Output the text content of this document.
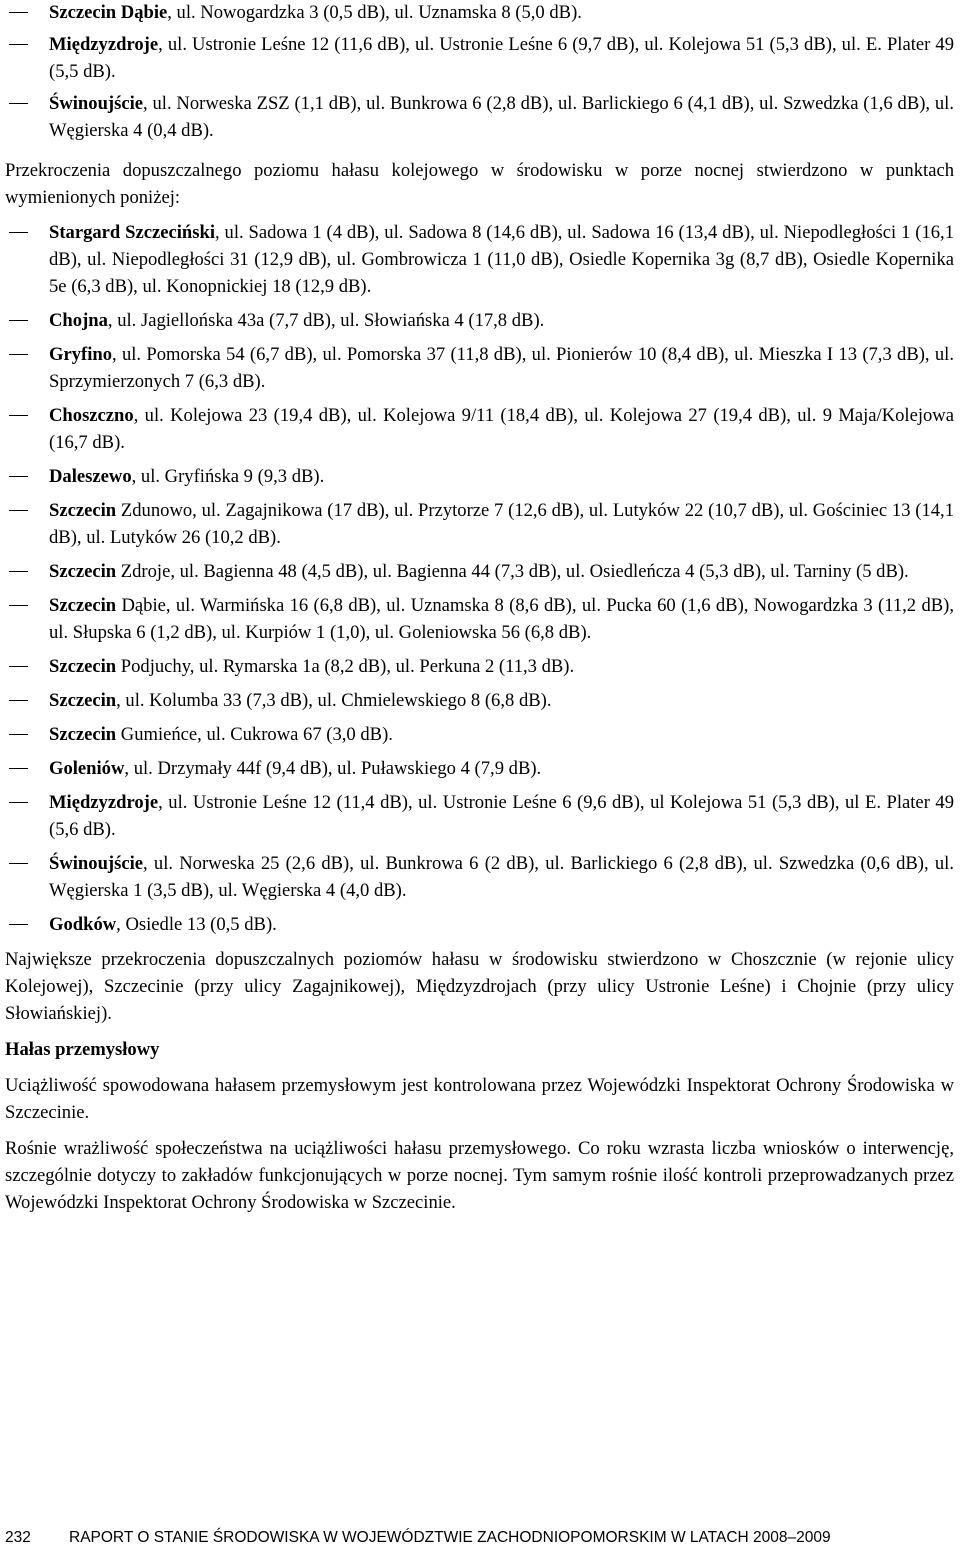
Szczecin Dąbie, ul. Nowogardzka 3 (0,5 dB), ul. Uznamska 8 (5,0 dB).
Międzyzdroje, ul. Ustronie Leśne 12 (11,6 dB), ul. Ustronie Leśne 6 (9,7 dB), ul. Kolejowa 51 (5,3 dB), ul. E. Plater 49 (5,5 dB).
Świnoujście, ul. Norweska ZSZ (1,1 dB), ul. Bunkrowa 6 (2,8 dB), ul. Barlickiego 6 (4,1 dB), ul. Szwedzka (1,6 dB), ul. Węgierska 4 (0,4 dB).

Przekroczenia dopuszczalnego poziomu hałasu kolejowego w środowisku w porze nocnej stwierdzono w punktach wymienionych poniżej:

Stargard Szczeciński, ul. Sadowa 1 (4 dB), ul. Sadowa 8 (14,6 dB), ul. Sadowa 16 (13,4 dB), ul. Niepodległości 1 (16,1 dB), ul. Niepodległości 31 (12,9 dB), ul. Gombrowicza 1 (11,0 dB), Osiedle Kopernika 3g (8,7 dB), Osiedle Kopernika 5e (6,3 dB), ul. Konopnickiej 18 (12,9 dB).
Chojna, ul. Jagiellońska 43a (7,7 dB), ul. Słowiańska 4 (17,8 dB).
Gryfino, ul. Pomorska 54 (6,7 dB), ul. Pomorska 37 (11,8 dB), ul. Pionierów 10 (8,4 dB), ul. Mieszka I 13 (7,3 dB), ul. Sprzymierzonych 7 (6,3 dB).
Choszczno, ul. Kolejowa 23 (19,4 dB), ul. Kolejowa 9/11 (18,4 dB), ul. Kolejowa 27 (19,4 dB), ul. 9 Maja/Kolejowa (16,7 dB).
Daleszewo, ul. Gryfińska 9 (9,3 dB).
Szczecin Zdunowo, ul. Zagajnikowa (17 dB), ul. Przytorze 7 (12,6 dB), ul. Lutyków 22 (10,7 dB), ul. Gościniec 13 (14,1 dB), ul. Lutyków 26 (10,2 dB).
Szczecin Zdroje, ul. Bagienna 48 (4,5 dB), ul. Bagienna 44 (7,3 dB), ul. Osiedleńcza 4 (5,3 dB), ul. Tarniny (5 dB).
Szczecin Dąbie, ul. Warmińska 16 (6,8 dB), ul. Uznamska 8 (8,6 dB), ul. Pucka 60 (1,6 dB), Nowogardzka 3 (11,2 dB), ul. Słupska 6 (1,2 dB), ul. Kurpiów 1 (1,0), ul. Goleniowska 56 (6,8 dB).
Szczecin Podjuchy, ul. Rymarska 1a (8,2 dB), ul. Perkuna 2 (11,3 dB).
Szczecin, ul. Kolumba 33 (7,3 dB), ul. Chmielewskiego 8 (6,8 dB).
Szczecin Gumieńce, ul. Cukrowa 67 (3,0 dB).
Goleniów, ul. Drzymały 44f (9,4 dB), ul. Puławskiego 4 (7,9 dB).
Międzyzdroje, ul. Ustronie Leśne 12 (11,4 dB), ul. Ustronie Leśne 6 (9,6 dB), ul Kolejowa 51 (5,3 dB), ul E. Plater 49 (5,6 dB).
Świnoujście, ul. Norweska 25 (2,6 dB), ul. Bunkrowa 6 (2 dB), ul. Barlickiego 6 (2,8 dB), ul. Szwedzka (0,6 dB), ul. Węgierska 1 (3,5 dB), ul. Węgierska 4 (4,0 dB).
Godków, Osiedle 13 (0,5 dB).

Największe przekroczenia dopuszczalnych poziomów hałasu w środowisku stwierdzono w Choszcznie (w rejonie ulicy Kolejowej), Szczecinie (przy ulicy Zagajnikowej), Międzyzdrojach (przy ulicy Ustronie Leśne) i Chojnie (przy ulicy Słowiańskiej).

Hałas przemysłowy

Uciążliwość spowodowana hałasem przemysłowym jest kontrolowana przez Wojewódzki Inspektorat Ochrony Środowiska w Szczecinie.

Rośnie wrażliwość społeczeństwa na uciążliwości hałasu przemysłowego. Co roku wzrasta liczba wniosków o interwencję, szczególnie dotyczy to zakładów funkcjonujących w porze nocnej. Tym samym rośnie ilość kontroli przeprowadzanych przez Wojewódzki Inspektorat Ochrony Środowiska w Szczecinie.

232 RAPORT O STANIE ŚRODOWISKA W WOJEWÓDZTWIE ZACHODNIOPOMORSKIM W LATACH 2008–2009
